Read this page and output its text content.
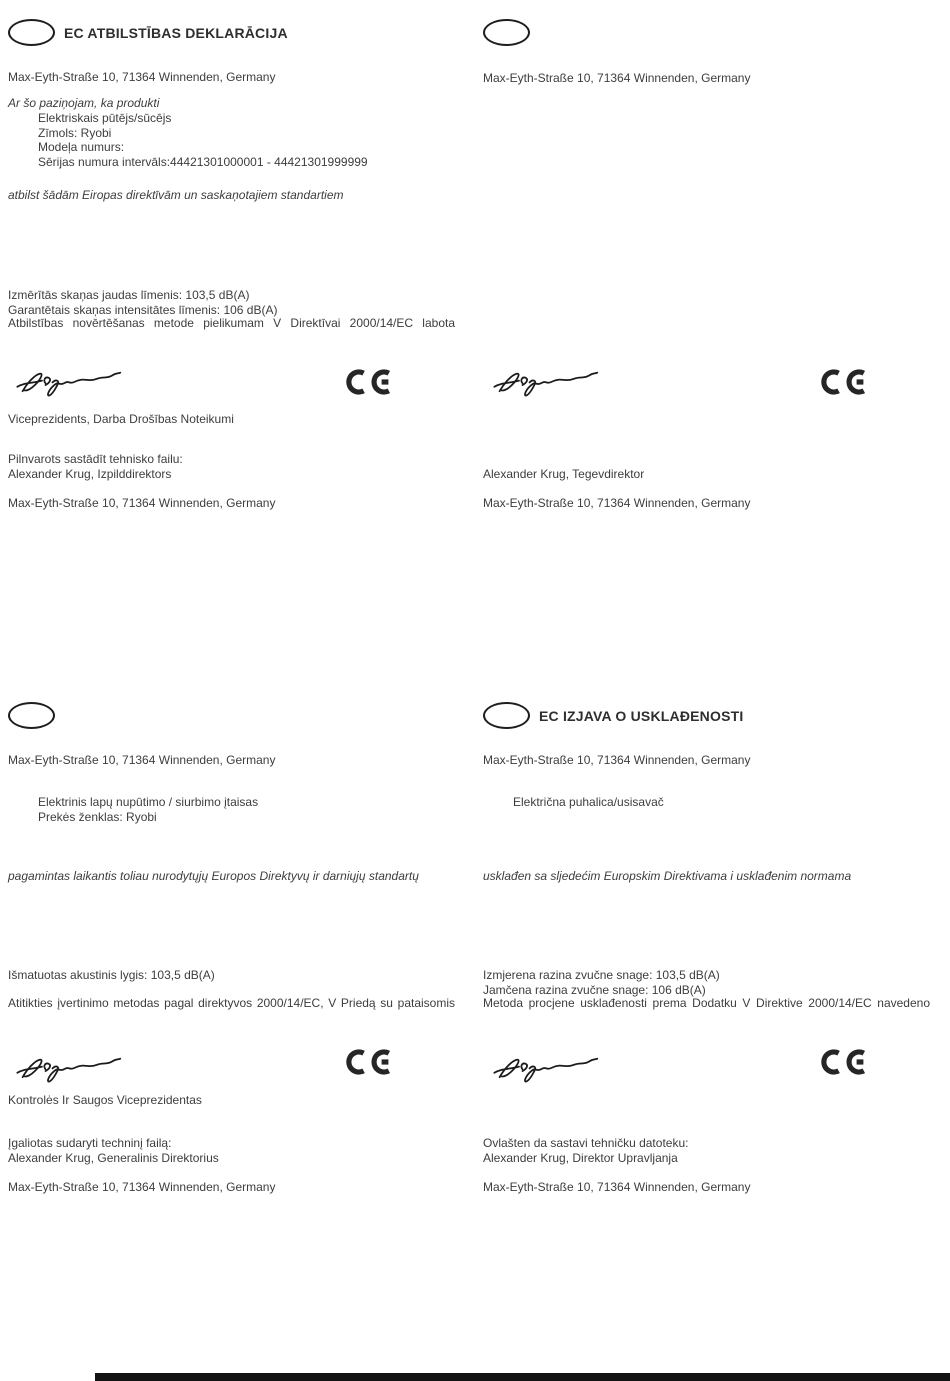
EC ATBILSTĪBAS DEKLARĀCIJA
Max-Eyth-Straße 10, 71364 Winnenden, Germany
Ar šo paziņojam, ka produkti
Elektriskais pūtējs/sūcējs
Zīmols: Ryobi
Modeļa numurs:
Sērijas numura intervāls:44421301000001 - 44421301999999
atbilst šādām Eiropas direktīvām un saskaņotajiem standartiem
Izmērītās skaņas jaudas līmenis: 103,5 dB(A)
Garantētais skaņas intensitātes līmenis: 106 dB(A)
Atbilstības novērtēšanas metode pielikumam V Direktīvai 2000/14/EC labota
Viceprezidents, Darba Drošības Noteikumi
Pilnvarots sastādīt tehnisko failu:
Alexander Krug, Izpilddirektors
Max-Eyth-Straße 10, 71364 Winnenden, Germany
Max-Eyth-Straße 10, 71364 Winnenden, Germany
Alexander Krug, Tegevdirektor
Max-Eyth-Straße 10, 71364 Winnenden, Germany
Max-Eyth-Straße 10, 71364 Winnenden, Germany
Elektrinis lapų nupūtimo / siurbimo įtaisas
Prekės ženklas: Ryobi
pagamintas laikantis toliau nurodytųjų Europos Direktyvų ir darniųjų standartų
Išmatuotas akustinis lygis: 103,5 dB(A)
Atitikties įvertinimo metodas pagal direktyvos 2000/14/EC, V Priedą su pataisomis
Kontrolės Ir Saugos Viceprezidentas
Įgaliotas sudaryti techninį failą:
Alexander Krug, Generalinis Direktorius
Max-Eyth-Straße 10, 71364 Winnenden, Germany
EC IZJAVA O USKLAĐENOSTI
Max-Eyth-Straße 10, 71364 Winnenden, Germany
Električna puhalica/usisavač
usklađen sa sljedećim Europskim Direktivama i usklađenim normama
Izmjerena razina zvučne snage: 103,5 dB(A)
Jamčena razina zvučne snage: 106 dB(A)
Metoda procjene usklađenosti prema Dodatku V Direktive 2000/14/EC navedeno
Ovlašten da sastavi tehničku datoteku:
Alexander Krug, Direktor Upravljanja
Max-Eyth-Straße 10, 71364 Winnenden, Germany
